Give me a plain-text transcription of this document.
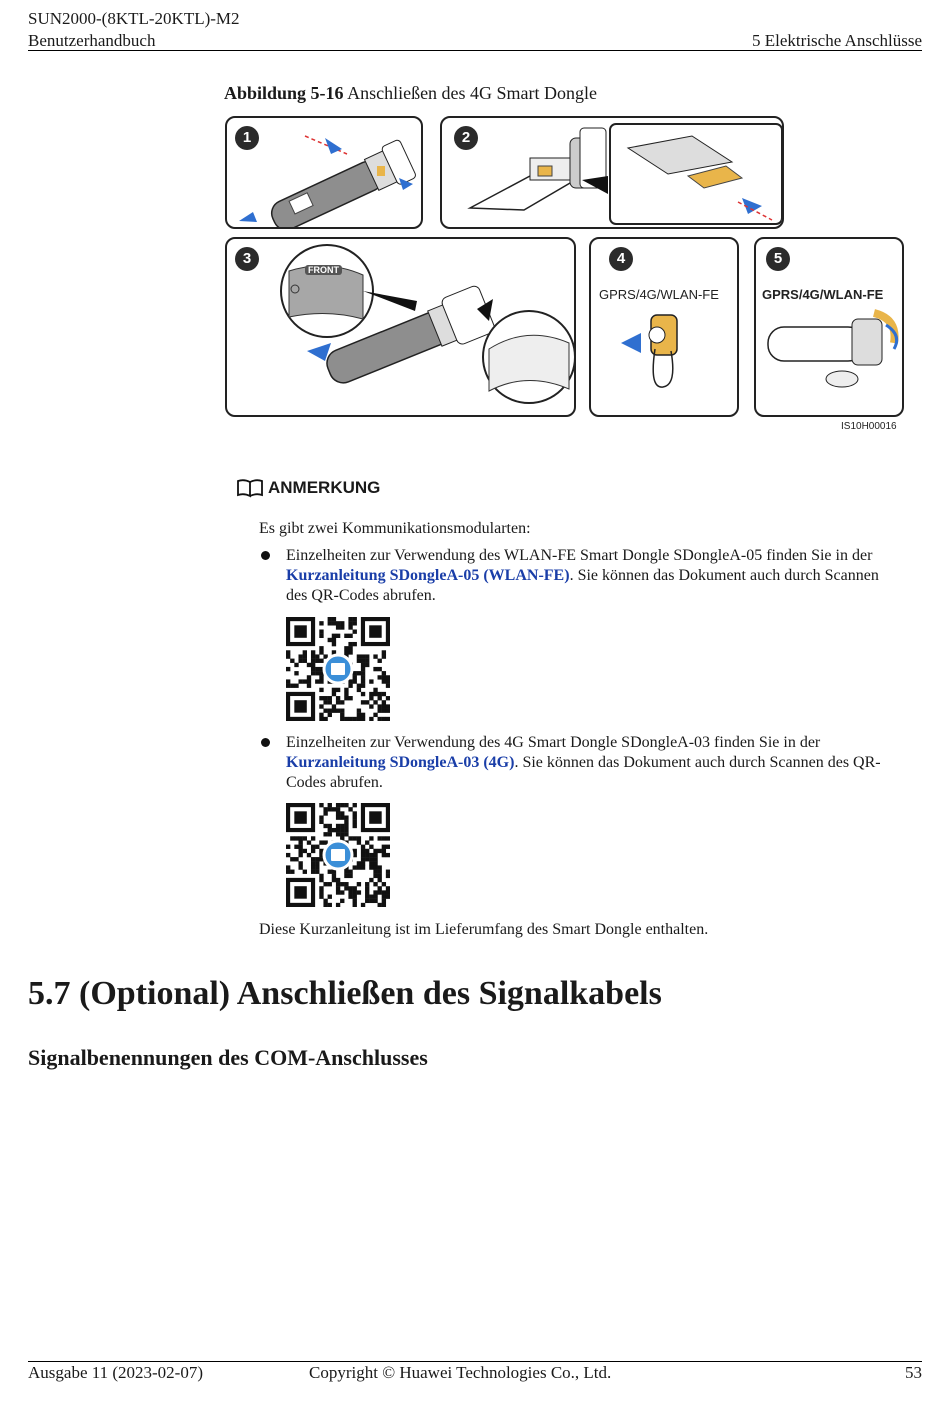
SUN2000-(8KTL-20KTL)-M2
Benutzerhandbuch	5 Elektrische Anschlüsse
Abbildung 5-16 Anschließen des 4G Smart Dongle
1	2
3
FRONT
4
GPRS/4G/WLAN-FE
5
GPRS/4G/WLAN-FE
IS10H00016
ANMERKUNG
Es gibt zwei Kommunikationsmodularten:
Einzelheiten zur Verwendung des WLAN-FE Smart Dongle SDongleA-05 finden Sie in der
Kurzanleitung SDongleA-05 (WLAN-FE). Sie können das Dokument auch durch Scannen
des QR-Codes abrufen.
Einzelheiten zur Verwendung des 4G Smart Dongle SDongleA-03 finden Sie in der
Kurzanleitung SDongleA-03 (4G). Sie können das Dokument auch durch Scannen des QR-
Codes abrufen.
Diese Kurzanleitung ist im Lieferumfang des Smart Dongle enthalten.
5.7 (Optional) Anschließen des Signalkabels
Signalbenennungen des COM-Anschlusses
Ausgabe 11 (2023-02-07)	Copyright © Huawei Technologies Co., Ltd.	53
